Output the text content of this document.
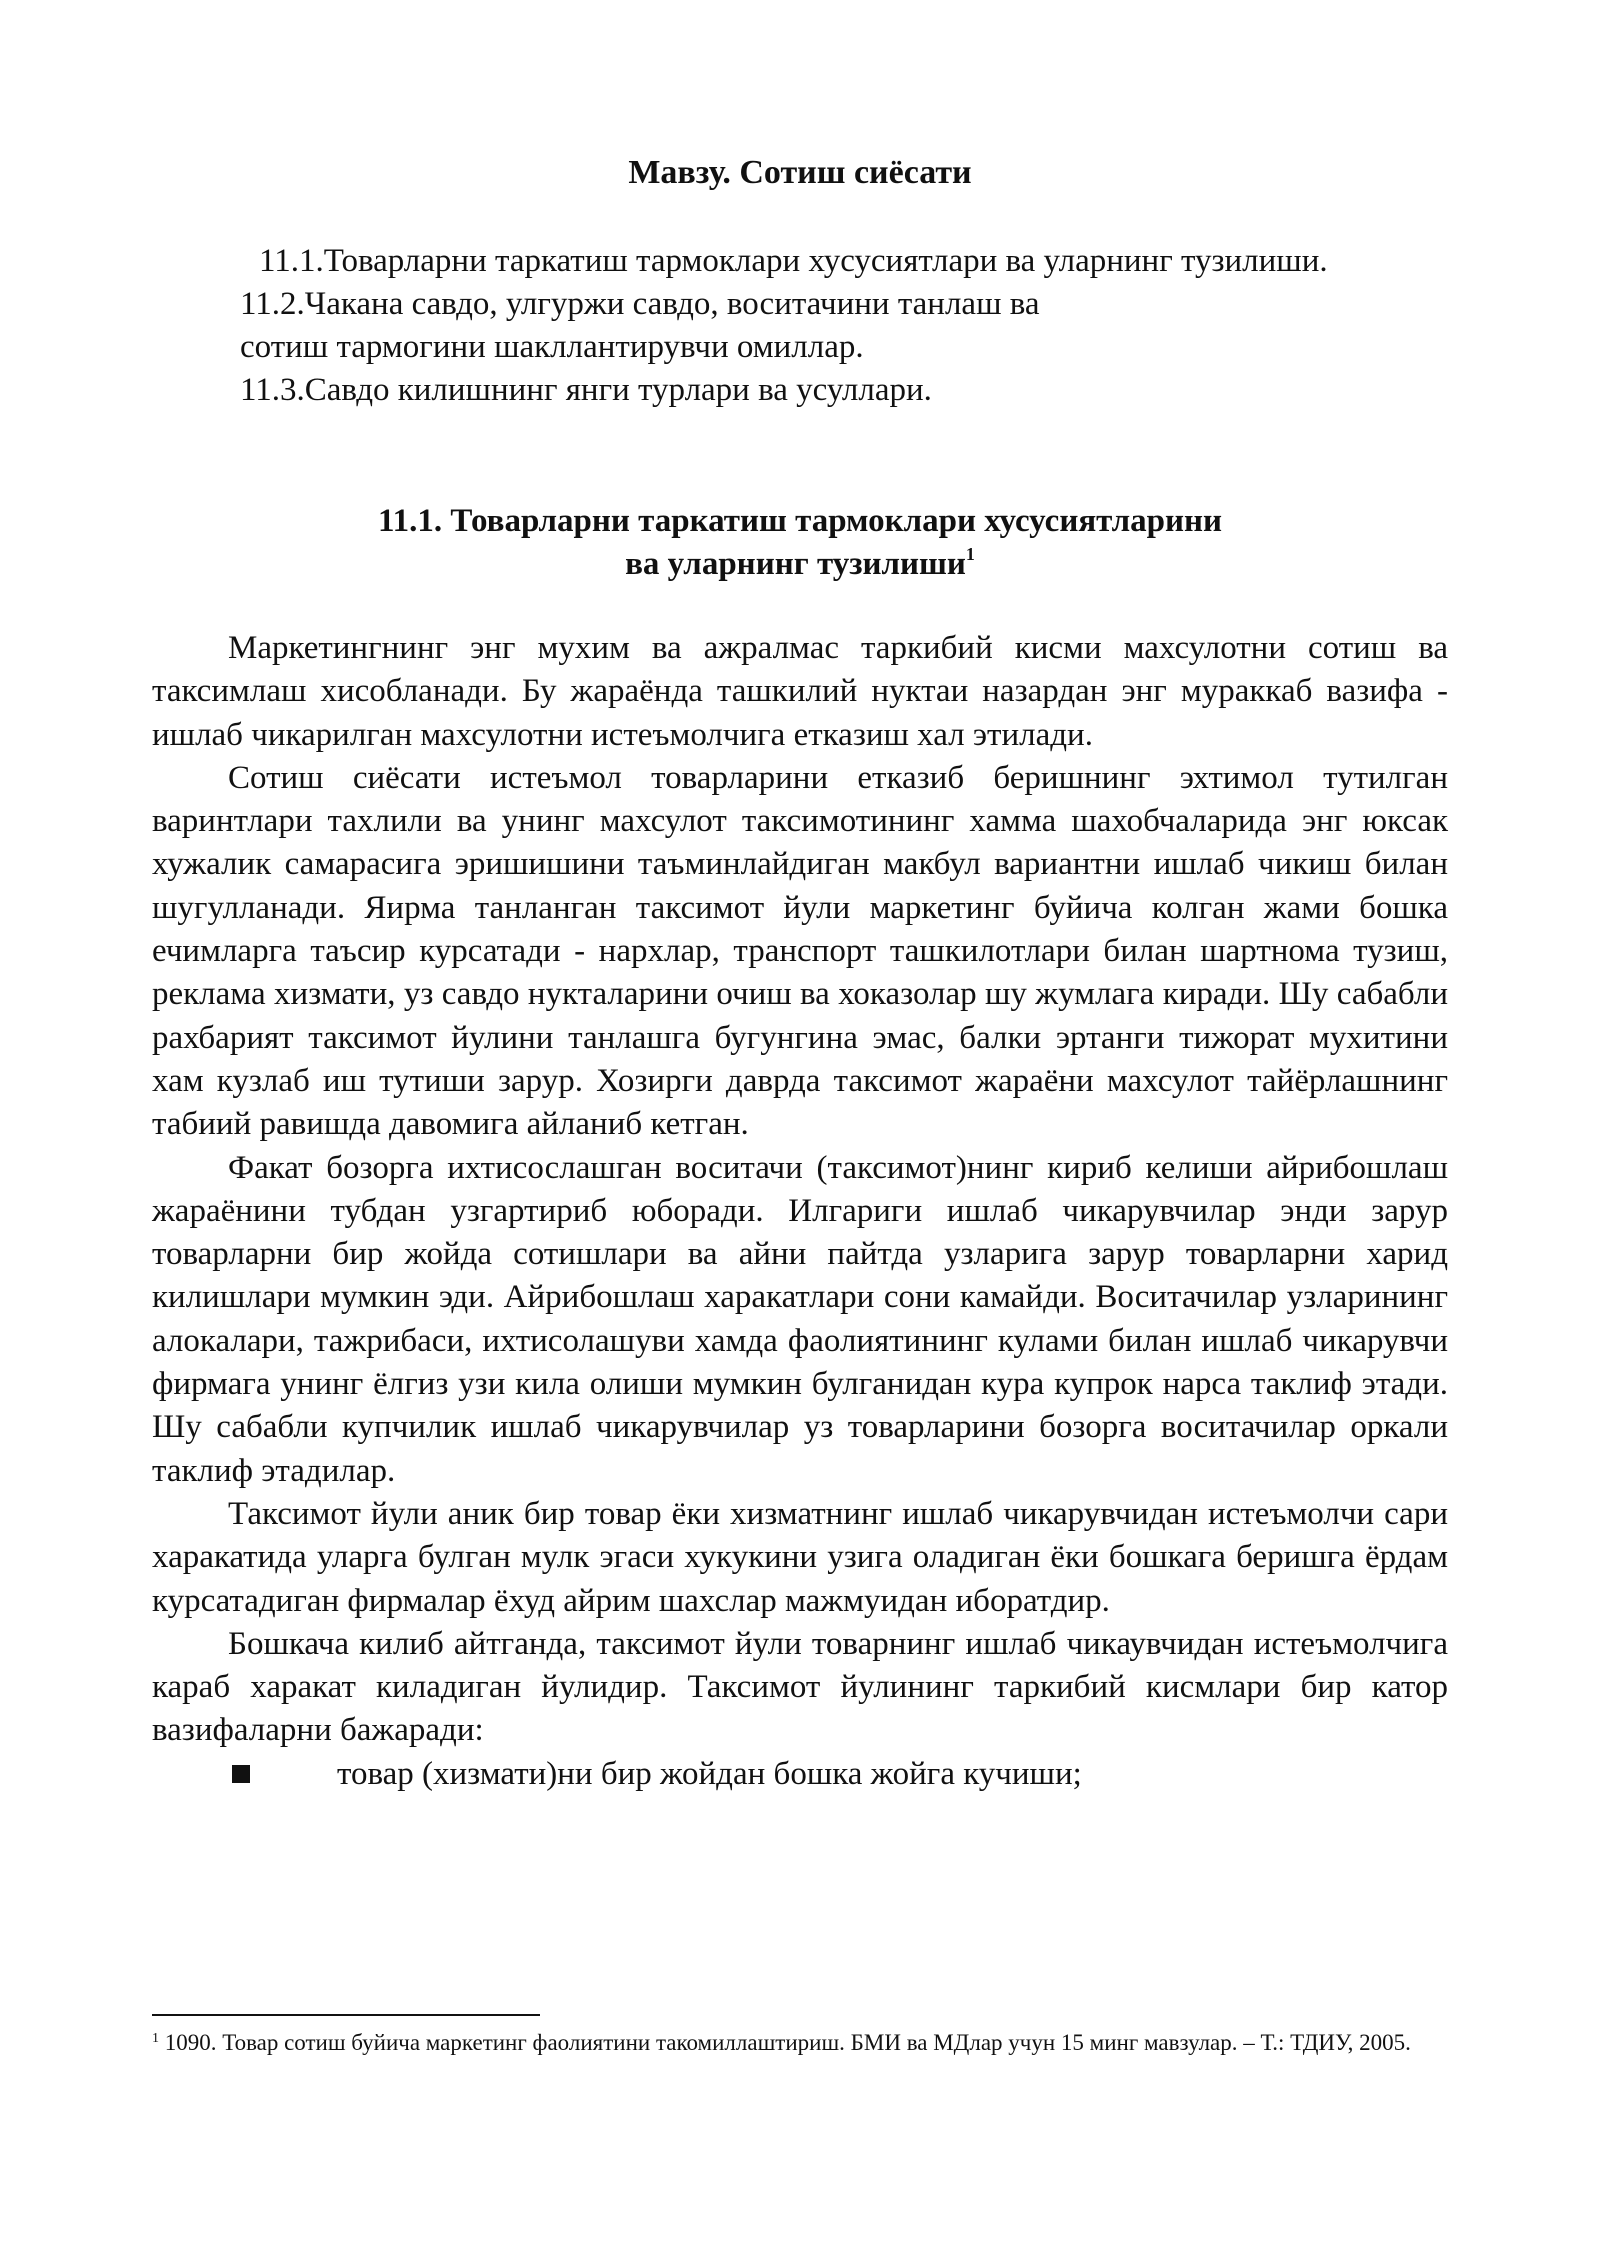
Мавзу. Сотиш сиёсати

11.1.Товарларни таркатиш тармоклари хусусиятлари ва уларнинг тузилиши.

11.2.Чакана савдо, улгуржи савдо, воситачини танлаш ва
сотиш тармогини шакллантирувчи омиллар.

11.3.Савдо килишнинг янги турлари ва усуллари.

11.1. Товарларни таркатиш тармоклари хусусиятларини
ва уларнинг тузилиши$^1$

Маркетингнинг энг мухим ва ажралмас таркибий кисми махсулотни сотиш ва таксимлаш хисобланади. Бу жараёнда ташкилий нуктаи назардан энг мураккаб вазифа - ишлаб чикарилган махсулотни истеъмолчига етказиш хал этилади.

Сотиш сиёсати истеъмол товарларини етказиб беришнинг эхтимол тутилган варинтлари тахлили ва унинг махсулот таксимотининг хамма шахобчаларида энг юксак хужалик самарасига эришишини таъминлайдиган макбул вариантни ишлаб чикиш билан шугулланади. Яирма танланган таксимот йули маркетинг буйича колган жами бошка ечимларга таъсир курсатади - нархлар, транспорт ташкилотлари билан шартнома тузиш, реклама хизмати, уз савдо нукталарини очиш ва хоказолар шу жумлага киради. Шу сабабли рахбарият таксимот йулини танлашга бугунгина эмас, балки эртанги тижорат мухитини хам кузлаб иш тутиши зарур. Хозирги даврда таксимот жараёни махсулот тайёрлашнинг табиий равишда давомига айланиб кетган.

Факат бозорга ихтисослашган воситачи (таксимот)нинг кириб келиши айрибошлаш жараёнини тубдан узгартириб юборади. Илгариги ишлаб чикарувчилар энди зарур товарларни бир жойда сотишлари ва айни пайтда узларига зарур товарларни харид килишлари мумкин эди. Айрибошлаш харакатлари сони камайди. Воситачилар узларининг алокалари, тажрибаси, ихтисолашуви хамда фаолиятининг кулами билан ишлаб чикарувчи фирмага унинг ёлгиз узи кила олиши мумкин булганидан кура купрок нарса таклиф этади. Шу сабабли купчилик ишлаб чикарувчилар уз товарларини бозорга воситачилар оркали таклиф этадилар.

Таксимот йули аник бир товар ёки хизматнинг ишлаб чикарувчидан истеъмолчи сари харакатида уларга булган мулк эгаси хукукини узига оладиган ёки бошкага беришга ёрдам курсатадиган фирмалар ёхуд айрим шахслар мажмуидан иборатдир.

Бошкача килиб айтганда, таксимот йули товарнинг ишлаб чикаувчидан истеъмолчига караб харакат киладиган йулидир. Таксимот йулининг таркибий кисмлари бир катор вазифаларни бажаради:

товар (хизмати)ни бир жойдан бошка жойга кучиши;

$^1$ 1090. Товар сотиш буйича маркетинг фаолиятини такомиллаштириш. БМИ ва МДлар учун 15 минг мавзулар. – Т.: ТДИУ, 2005.
